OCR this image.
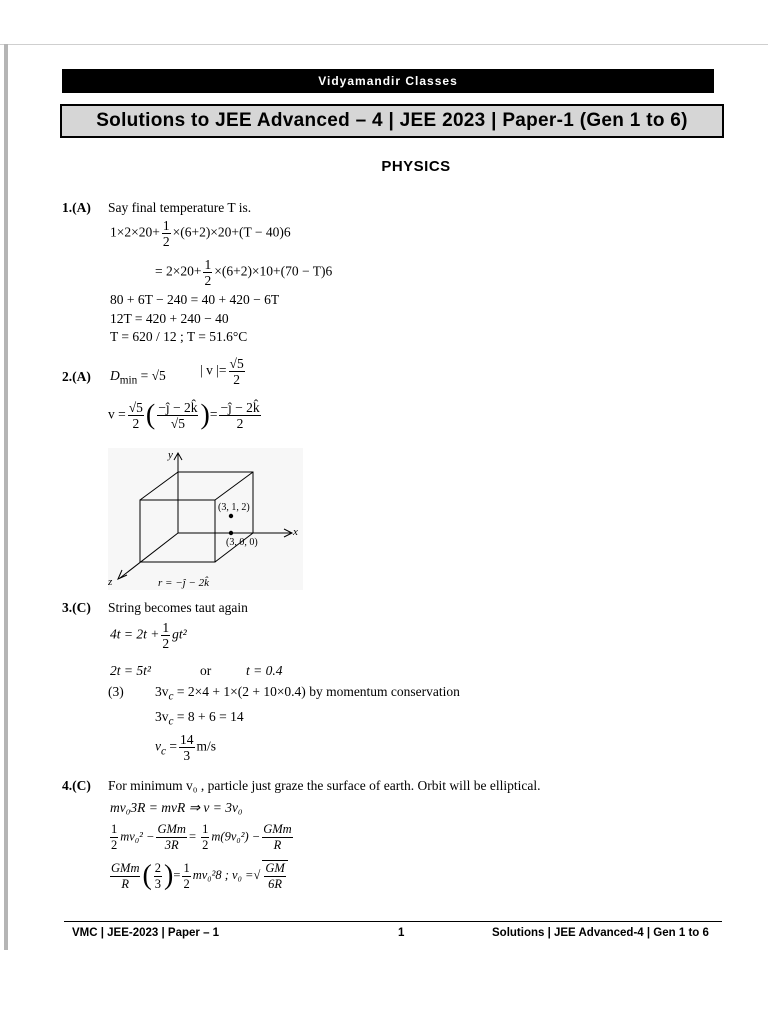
Vidyamandir Classes
Solutions to JEE Advanced – 4 | JEE 2023 | Paper-1 (Gen 1 to 6)
PHYSICS
1.(A) Say final temperature T is.
$1\times 2\times 20+ \frac{1}{2} \times(6+2)\times 20+(T - 40)6$
= $2\times 20+ \frac{1}{2} \times(6+2)\times 10+(70 - T)6$
80 + 6T − 240 = 40 + 420 − 6T
12T = 420 + 240 − 40
T = 620 / 12 ; T = 51.6°C
2.(A) $D_{min} = √5$	| v |= $\frac{√5}{2}$
$v = \frac{√5}{2}$ ( $\frac{-ĵ - 2k̂}{√5}$ )= $\frac{-ĵ - 2k̂}{2}$
y
x
z
(3, 1, 2)
(3, 0, 0)
r = −ĵ − 2k̂
3.(C) String becomes taut again
$4t = 2t + \frac{1}{2} gt^2$
2t = 5t²	or	t = 0.4
(3) $3v_c = 2\times 4 + 1\times(2 + 10\times 0.4)$ by momentum conservation
$3v_c = 8 + 6 = 14$
$v_c = \frac{14}{3} m/s$
4.(C) For minimum v₀ , particle just graze the surface of earth. Orbit will be elliptical.
mv₀3R = mvR ⇒ v = 3v₀
$\frac{1}{2} mv_0^2 - \frac{\text{GMm}}{3R} = \frac{1}{2} m(9v_0^2) - \frac{\text{GMm}}{R}$
$\frac{\text{GMm}}{R}$ ( $\frac{2}{3}$ )= $\frac{1}{2} mv_0^28$ ; v₀ =√ $\frac{GM}{6R}$
VMC | JEE-2023 | Paper – 1	1	Solutions | JEE Advanced-4 | Gen 1 to 6
